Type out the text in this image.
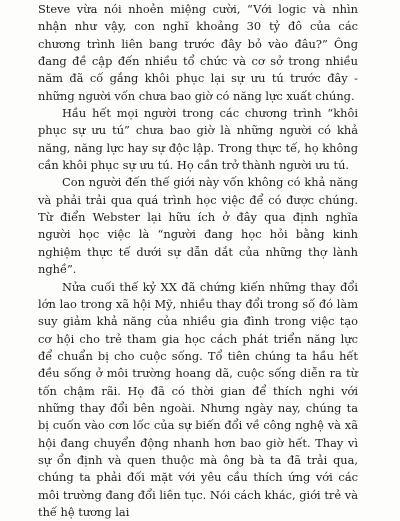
Steve vừa nói nhoẻn miệng cười, “Với logic và nhìn nhận như vậy, con nghĩ khoảng 30 tỷ đô của các chương trình liên bang trước đây bỏ vào đâu?” Ông đang đề cập đến nhiều tổ chức và cơ sở trong nhiều năm đã cố gắng khôi phục lại sự ưu tú trước đây - những người vốn chưa bao giờ có năng lực xuất chúng.

Hầu hết mọi người trong các chương trình “khôi phục sự ưu tú” chưa bao giờ là những người có khả năng, năng lực hay sự độc lập. Trong thực tế, họ không cần khôi phục sự ưu tú. Họ cần trở thành người ưu tú.

Con người đến thế giới này vốn không có khả năng và phải trải qua quá trình học việc để có được chúng. Từ điển Webster lại hữu ích ở đây qua định nghĩa người học việc là “người đang học hỏi bằng kinh nghiệm thực tế dưới sự dẫn dắt của những thợ lành nghề”.

Nửa cuối thế kỷ XX đã chứng kiến những thay đổi lớn lao trong xã hội Mỹ, nhiều thay đổi trong số đó làm suy giảm khả năng của nhiều gia đình trong việc tạo cơ hội cho trẻ tham gia học cách phát triển năng lực để chuẩn bị cho cuộc sống. Tổ tiên chúng ta hầu hết đều sống ở môi trường hoang dã, cuộc sống diễn ra từ tốn chậm rãi. Họ đã có thời gian để thích nghi với những thay đổi bên ngoài. Nhưng ngày nay, chúng ta bị cuốn vào cơn lốc của sự biến đổi về công nghệ và xã hội đang chuyển động nhanh hơn bao giờ hết. Thay vì sự ổn định và quen thuộc mà ông bà ta đã trải qua, chúng ta phải đối mặt với yêu cầu thích ứng với các môi trường đang đổi liên tục. Nói cách khác, giới trẻ và thế hệ tương lai
